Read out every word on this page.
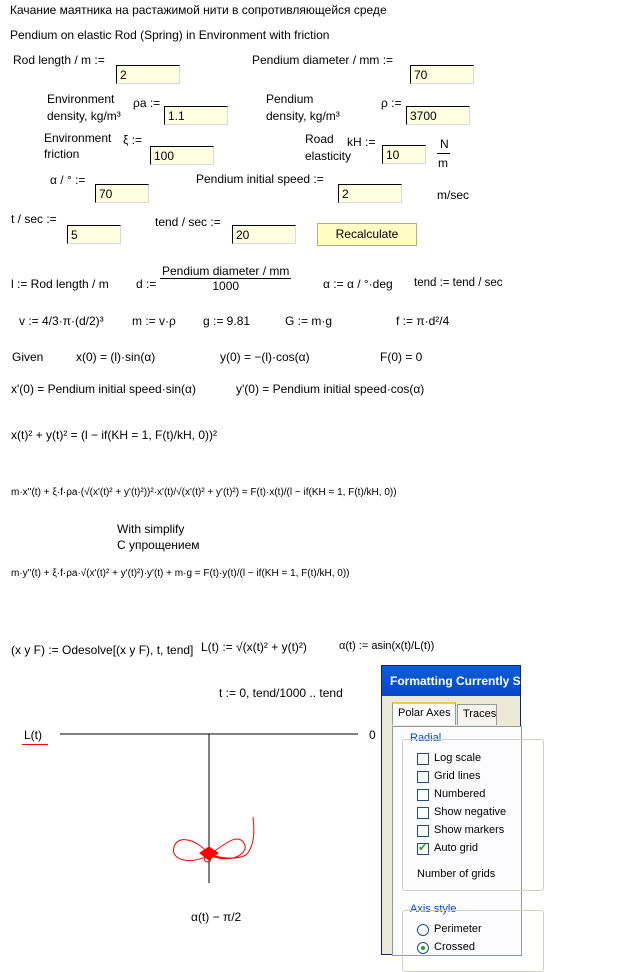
Качание маятника на растажимой нити в сопротивляющейся среде
Pendium on elastic Rod (Spring) in Environment with friction
Rod length / m :=
2
Pendium diameter / mm :=
70
Environment
density, kg/m³
ρa :=
1.1
Pendium
density, kg/m³
ρ :=
3700
Environment
friction
ξ :=
100
Road
elasticity
kH :=
10
N
m
α / ° :=
70
Pendium initial speed :=
2	m/sec
t / sec :=
5
tend / sec :=
20	Recalculate
l := Rod length / m d := $\frac{\text{Pendium diameter / mm}}{1000}$	α := α / °·deg tend := tend / sec
v := 4/3·π·(d/2)³ m := v·ρ g := 9.81	G := m·g	f := π·d²/4
Given	x(0) = (l)·sin(α)	y(0) = −(l)·cos(α)	F(0) = 0
x'(0) = Pendium initial speed·sin(α)	y'(0) = Pendium initial speed·cos(α)
x(t)² + y(t)² = (l − if(KH = 1, F(t)/kH, 0))²
m·x''(t) + ξ·f·ρa·(√(x'(t)² + y'(t)²))²·x'(t)/√(x'(t)² + y'(t)²) = F(t)·x(t)/(l − if(KH = 1, F(t)/kH, 0))
With simplify
С упрощением
m·y''(t) + ξ·f·ρa·√(x'(t)² + y'(t)²)·y'(t) + m·g = F(t)·y(t)/(l − if(KH = 1, F(t)/kH, 0))
(x y F) := Odesolve[(x y F), t, tend] L(t) := √(x(t)² + y(t)²)	α(t) := asin(x(t)/L(t))
t := 0, tend/1000 .. tend
L(t)	0
α(t) − π/2
Formatting Currently Selected Polar Plot
Polar Axes	Traces
Radial
Log scale
Grid lines
Numbered
Show negative
Show markers
✔
Auto grid
Number of grids
Axis style
Perimeter
Crossed
